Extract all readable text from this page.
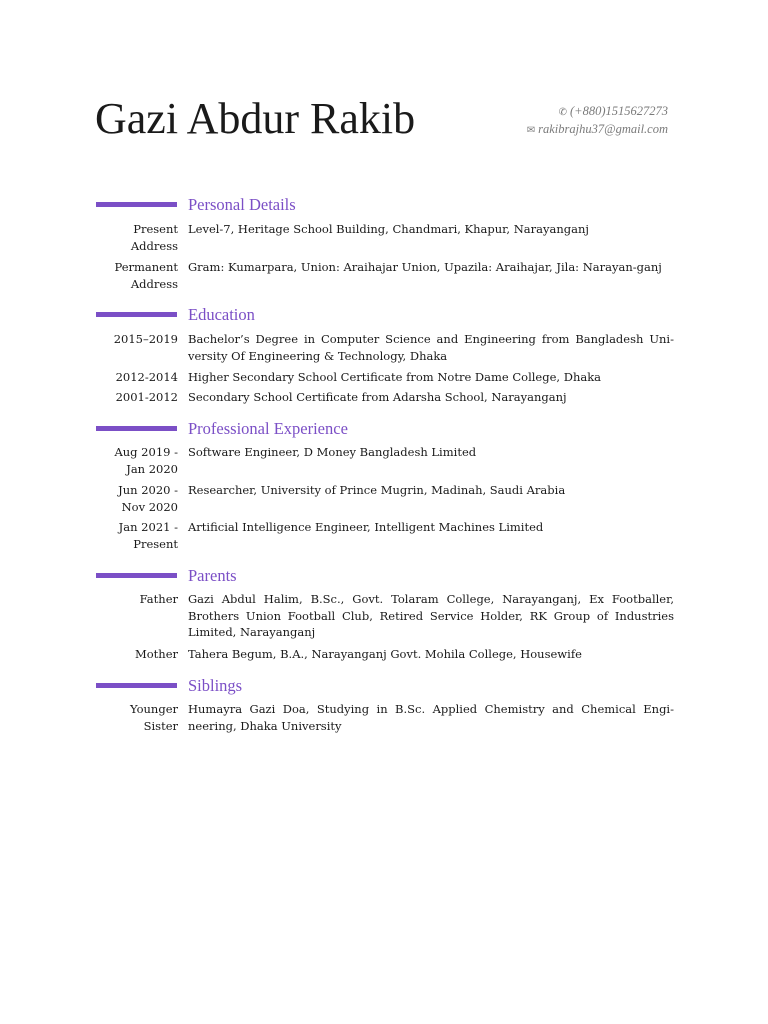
Gazi Abdur Rakib	✆ (+880)1515627273
✉ rakibrajhu37@gmail.com
Personal Details
Present Address
Level-7, Heritage School Building, Chandmari, Khapur, Narayanganj
Permanent Address
Gram: Kumarpara, Union: Araihajar Union, Upazila: Araihajar, Jila: Narayan-ganj
Education
2015–2019 Bachelor’s Degree in Computer Science and Engineering from Bangladesh Uni-versity Of Engineering & Technology, Dhaka
2012-2014 Higher Secondary School Certificate from Notre Dame College, Dhaka
2001-2012 Secondary School Certificate from Adarsha School, Narayanganj
Professional Experience
Aug 2019 - Jan 2020
Software Engineer, D Money Bangladesh Limited
Jun 2020 - Nov 2020
Researcher, University of Prince Mugrin, Madinah, Saudi Arabia
Jan 2021 - Present
Artificial Intelligence Engineer, Intelligent Machines Limited
Parents
Father Gazi Abdul Halim, B.Sc., Govt. Tolaram College, Narayanganj, Ex Footballer, Brothers Union Football Club, Retired Service Holder, RK Group of Industries Limited, Narayanganj
Mother Tahera Begum, B.A., Narayanganj Govt. Mohila College, Housewife
Siblings
Younger Sister
Humayra Gazi Doa, Studying in B.Sc. Applied Chemistry and Chemical Engi-neering, Dhaka University
